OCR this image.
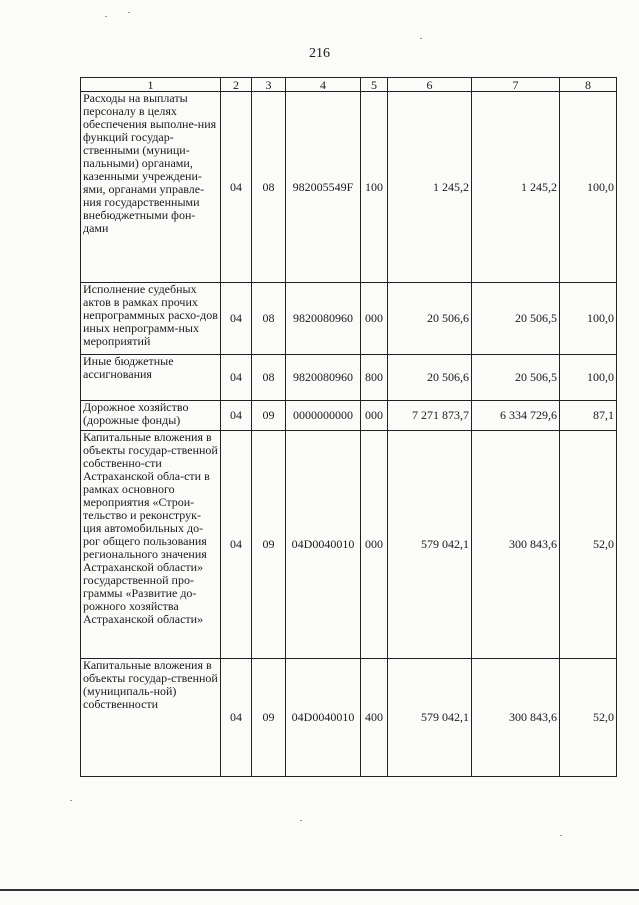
216
1	2	3	4	5	6	7	8
Расходы на выплаты персоналу в целях обеспечения выполне-ния функций государ-ственными (муници-пальными) органами, казенными учреждени-ями, органами управле-ния государственными внебюджетными фон-дами	04	08	982005549F	100	1 245,2	1 245,2	100,0
Исполнение судебных актов в рамках прочих непрограммных расхо-дов иных непрограмм-ных мероприятий	04	08	9820080960	000	20 506,6	20 506,5	100,0
Иные бюджетные ассигнования	04	08	9820080960	800	20 506,6	20 506,5	100,0
Дорожное хозяйство (дорожные фонды)	04	09	0000000000	000	7 271 873,7	6 334 729,6	87,1
Капитальные вложения в объекты государ-ственной собственно-сти Астраханской обла-сти в рамках основного мероприятия «Строи-тельство и реконструк-ция автомобильных до-рог общего пользования регионального значения Астраханской области» государственной про-граммы «Развитие до-рожного хозяйства Астраханской области»	04	09	04D0040010	000	579 042,1	300 843,6	52,0
Капитальные вложения в объекты государ-ственной (муниципаль-ной) собственности	04	09	04D0040010	400	579 042,1	300 843,6	52,0
